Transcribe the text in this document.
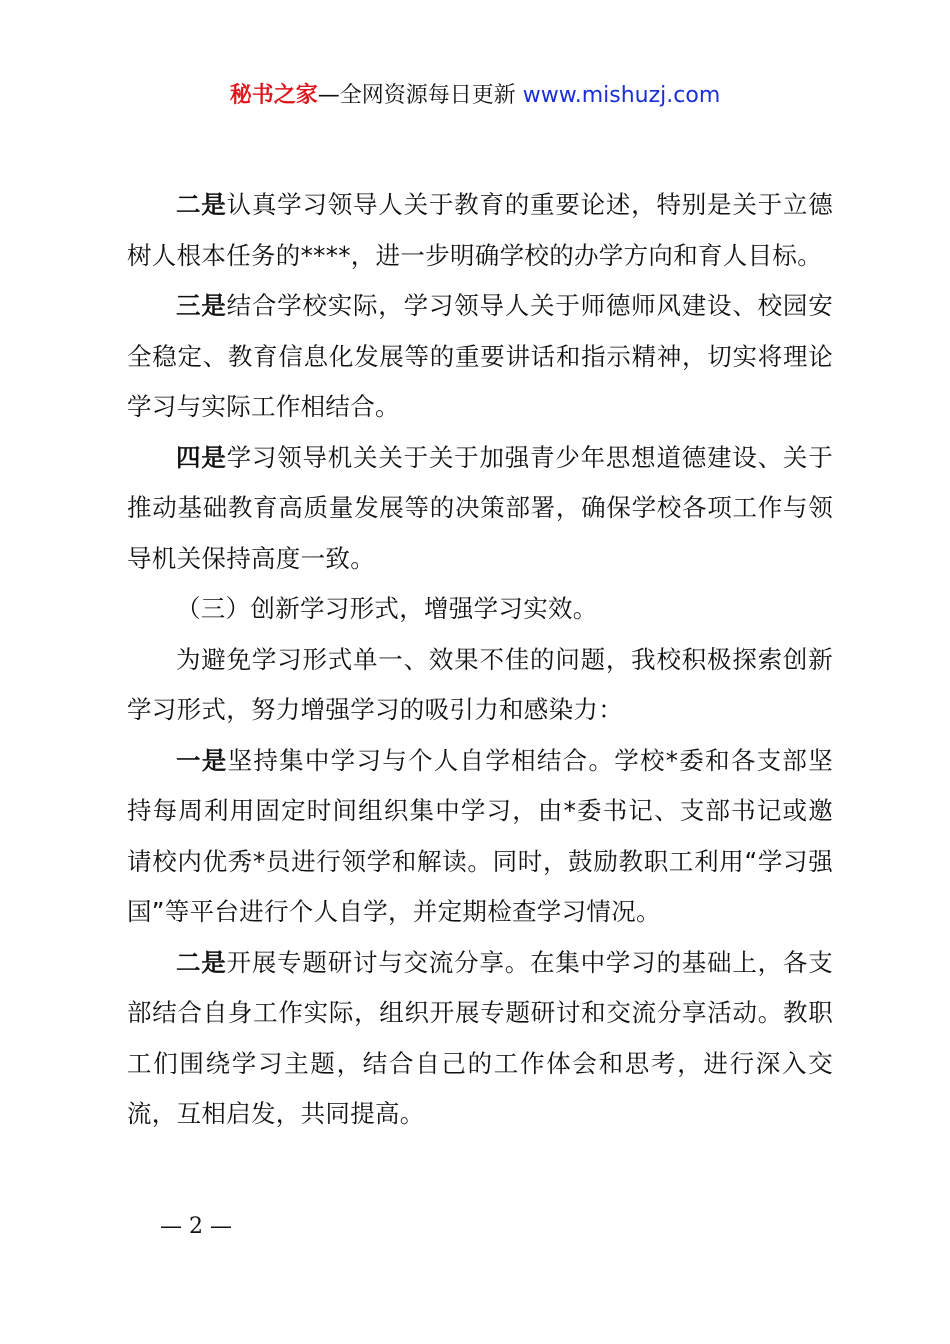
秘书之家—全网资源每日更新 www.mishuzj.com

二是认真学习领导人关于教育的重要论述，特别是关于立德树人根本任务的****，进一步明确学校的办学方向和育人目标。

三是结合学校实际，学习领导人关于师德师风建设、校园安全稳定、教育信息化发展等的重要讲话和指示精神，切实将理论学习与实际工作相结合。

四是学习领导机关关于关于加强青少年思想道德建设、关于推动基础教育高质量发展等的决策部署，确保学校各项工作与领导机关保持高度一致。

（三）创新学习形式，增强学习实效。

为避免学习形式单一、效果不佳的问题，我校积极探索创新学习形式，努力增强学习的吸引力和感染力：

一是坚持集中学习与个人自学相结合。学校*委和各支部坚持每周利用固定时间组织集中学习，由*委书记、支部书记或邀请校内优秀*员进行领学和解读。同时，鼓励教职工利用“学习强国”等平台进行个人自学，并定期检查学习情况。

二是开展专题研讨与交流分享。在集中学习的基础上，各支部结合自身工作实际，组织开展专题研讨和交流分享活动。教职工们围绕学习主题，结合自己的工作体会和思考，进行深入交流，互相启发，共同提高。

— 2 —
